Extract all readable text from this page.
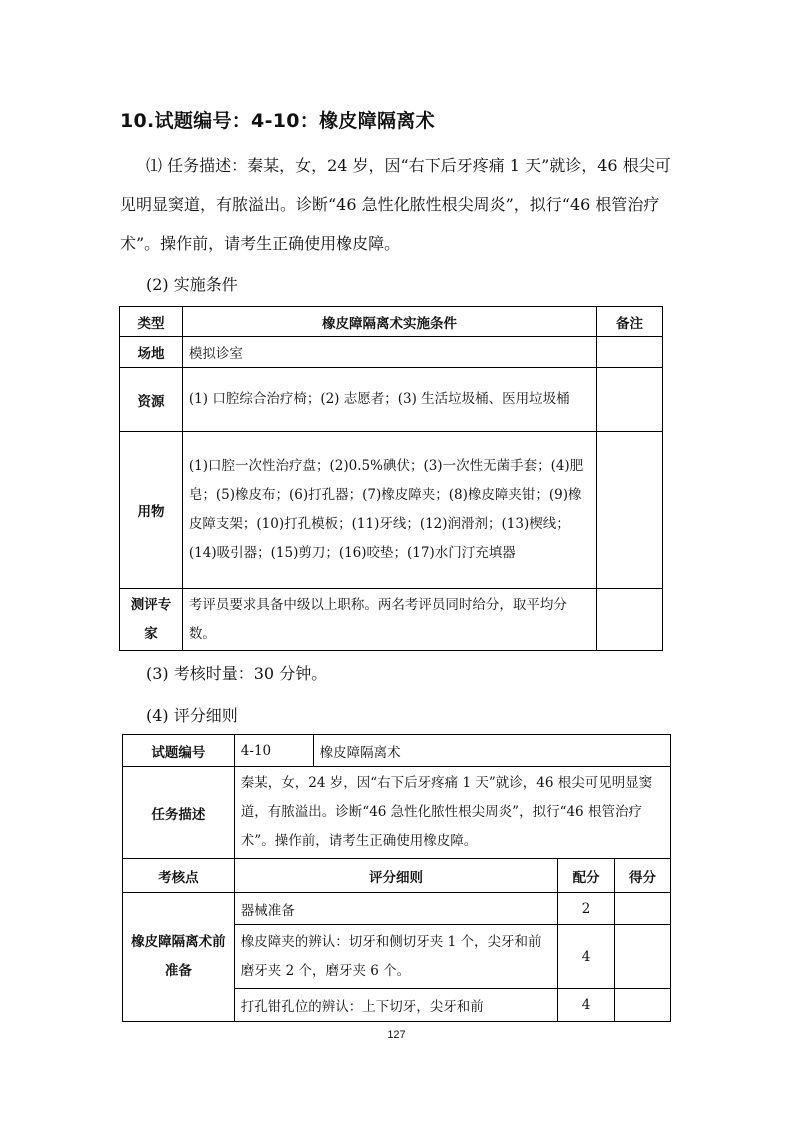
10.试题编号：4-10：橡皮障隔离术
⑴ 任务描述：秦某，女，24 岁，因“右下后牙疼痛 1 天”就诊，46 根尖可见明显窦道，有脓溢出。诊断“46 急性化脓性根尖周炎”，拟行“46 根管治疗术”。操作前，请考生正确使用橡皮障。
(2) 实施条件
类型	橡皮障隔离术实施条件	备注
场地	模拟诊室	
资源	(1) 口腔综合治疗椅；(2) 志愿者；(3) 生活垃圾桶、医用垃圾桶	
用物	(1)口腔一次性治疗盘；(2)0.5%碘伏；(3)一次性无菌手套；(4)肥皂；(5)橡皮布；(6)打孔器；(7)橡皮障夹；(8)橡皮障夹钳；(9)橡皮障支架；(10)打孔模板；(11)牙线；(12)润滑剂；(13)楔线；(14)吸引器；(15)剪刀；(16)咬垫；(17)水门汀充填器	
测评专家	考评员要求具备中级以上职称。两名考评员同时给分，取平均分数。	
(3) 考核时量：30 分钟。
(4) 评分细则
试题编号	4-10	橡皮障隔离术		
任务描述	秦某，女，24 岁，因“右下后牙疼痛 1 天”就诊，46 根尖可见明显窦道，有脓溢出。诊断“46 急性化脓性根尖周炎”，拟行“46 根管治疗术”。操作前，请考生正确使用橡皮障。			
考核点	评分细则		配分	得分
橡皮障隔离术前准备	器械准备		2	
	橡皮障夹的辨认：切牙和侧切牙夹 1 个，尖牙和前磨牙夹 2 个，磨牙夹 6 个。		4	
	打孔钳孔位的辨认：上下切牙，尖牙和前		4	
127
